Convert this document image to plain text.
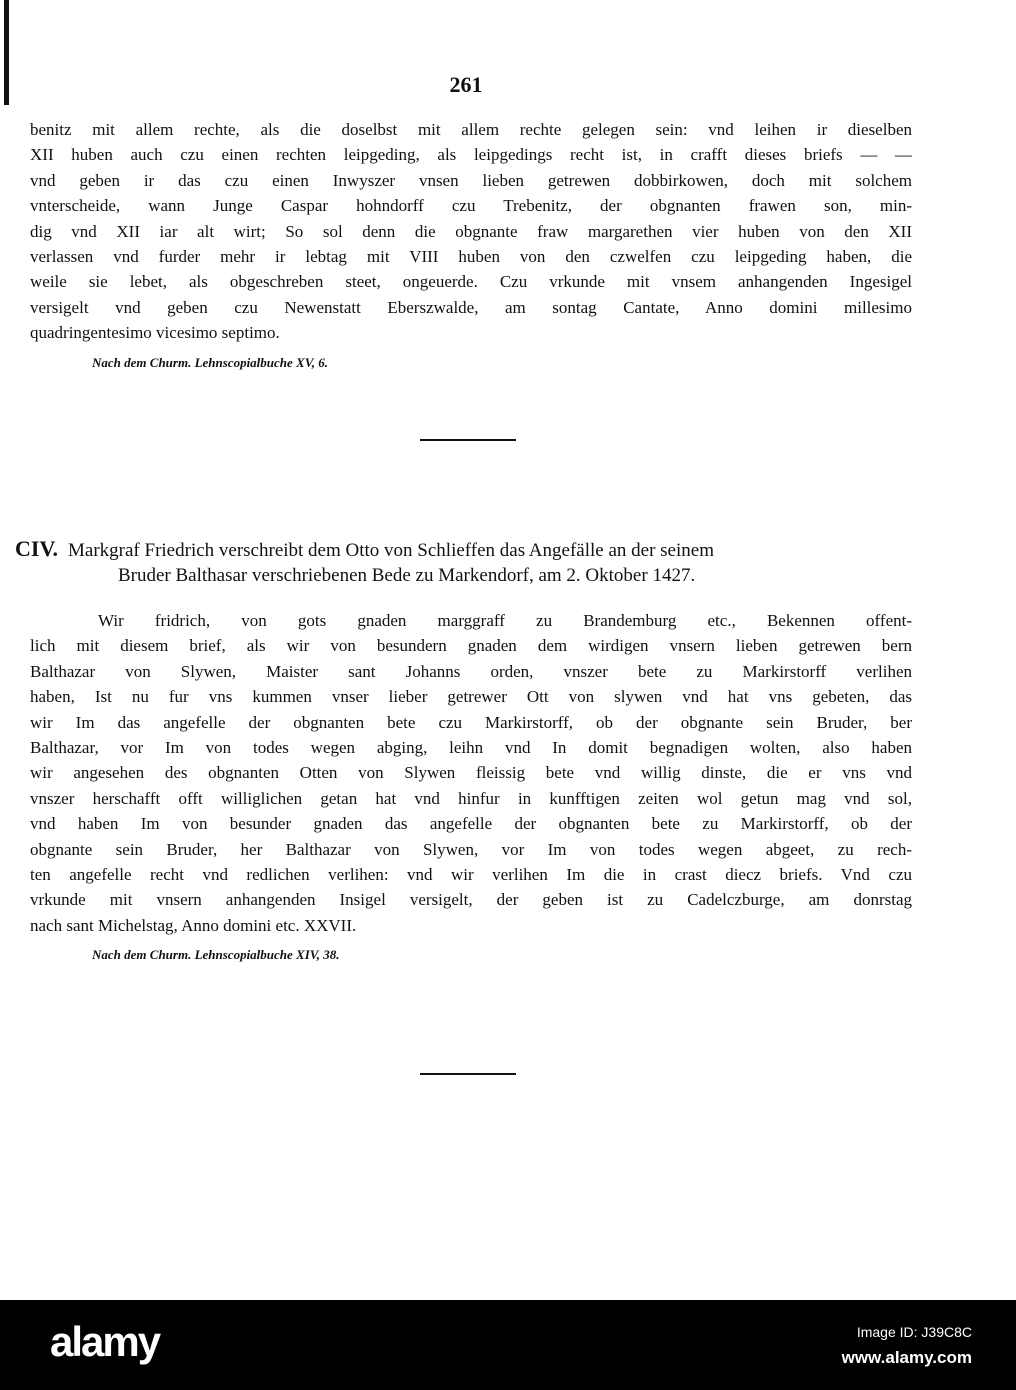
261
benitz mit allem rechte, als die doselbst mit allem rechte gelegen sein: vnd leihen ir dieselben
XII huben auch czu einen rechten leipgeding, als leipgedings recht ist, in crafft dieses briefs — —
vnd geben ir das czu einen Inwyszer vnsen lieben getrewen dobbirkowen, doch mit solchem
vnterscheide, wann Junge Caspar hohndorff czu Trebenitz, der obgnanten frawen son, min-
dig vnd XII iar alt wirt; So sol denn die obgnante fraw margarethen vier huben von den XII
verlassen vnd furder mehr ir lebtag mit VIII huben von den czwelfen czu leipgeding haben, die
weile sie lebet, als obgeschreben steet, ongeuerde. Czu vrkunde mit vnsem anhangenden Ingesigel
versigelt vnd geben czu Newenstatt Eberszwalde, am sontag Cantate, Anno domini millesimo
quadringentesimo vicesimo septimo.
Nach dem Churm. Lehnscopialbuche XV, 6.
CIV. Markgraf Friedrich verschreibt dem Otto von Schlieffen das Angefälle an der seinem
Bruder Balthasar verschriebenen Bede zu Markendorf, am 2. Oktober 1427.
Wir fridrich, von gots gnaden marggraff zu Brandemburg etc., Bekennen offent-
lich mit diesem brief, als wir von besundern gnaden dem wirdigen vnsern lieben getrewen bern
Balthazar von Slywen, Maister sant Johanns orden, vnszer bete zu Markirstorff verlihen
haben, Ist nu fur vns kummen vnser lieber getrewer Ott von slywen vnd hat vns gebeten, das
wir Im das angefelle der obgnanten bete czu Markirstorff, ob der obgnante sein Bruder, ber
Balthazar, vor Im von todes wegen abging, leihn vnd In domit begnadigen wolten, also haben
wir angesehen des obgnanten Otten von Slywen fleissig bete vnd willig dinste, die er vns vnd
vnszer herschafft offt williglichen getan hat vnd hinfur in kunfftigen zeiten wol getun mag vnd sol,
vnd haben Im von besunder gnaden das angefelle der obgnanten bete zu Markirstorff, ob der
obgnante sein Bruder, her Balthazar von Slywen, vor Im von todes wegen abgeet, zu rech-
ten angefelle recht vnd redlichen verlihen: vnd wir verlihen Im die in crast diecz briefs. Vnd czu
vrkunde mit vnsern anhangenden Insigel versigelt, der geben ist zu Cadelczburge, am donrstag
nach sant Michelstag, Anno domini etc. XXVII.
Nach dem Churm. Lehnscopialbuche XIV, 38.
alamy	Image ID: J39C8C
www.alamy.com
